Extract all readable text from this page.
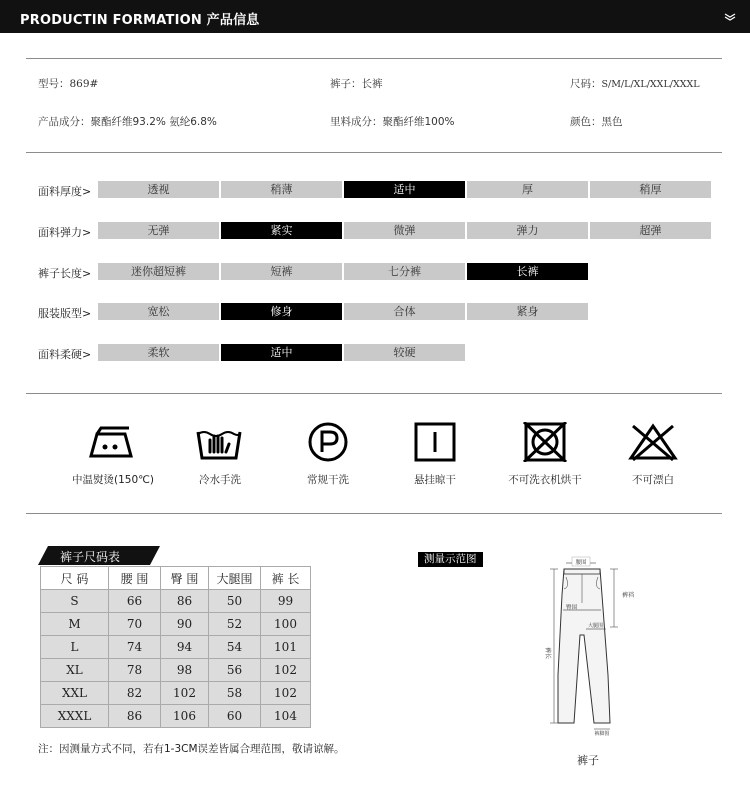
PRODUCTIN FORMATION 产品信息
型号：869#	裤子：长裤	尺码：S/M/L/XL/XXL/XXXL
产品成分：聚酯纤维93.2% 氨纶6.8%	里料成分：聚酯纤维100%	颜色：黑色
面料厚度>	透视	稍薄	适中	厚	稍厚
面料弹力>	无弹	紧实	微弹	弹力	超弹
裤子长度>	迷你超短裤	短裤	七分裤	长裤
服装版型>	宽松	修身	合体	紧身
面料柔硬>	柔软	适中	较硬
中温熨烫(150℃)	冷水手洗	常规干洗	悬挂晾干	不可洗衣机烘干	不可漂白
裤子尺码表
尺 码	腰 围	臀 围	大腿围	裤 长
S	66	86	50	99
M	70	90	52	100
L	74	94	54	101
XL	78	98	56	102
XXL	82	102	58	102
XXXL	86	106	60	104
注：因测量方式不同，若有1-3CM误差皆属合理范围，敬请谅解。
测量示范图	腰围
裤裆
臀围
大腿围
裤长
裤脚围
裤子
